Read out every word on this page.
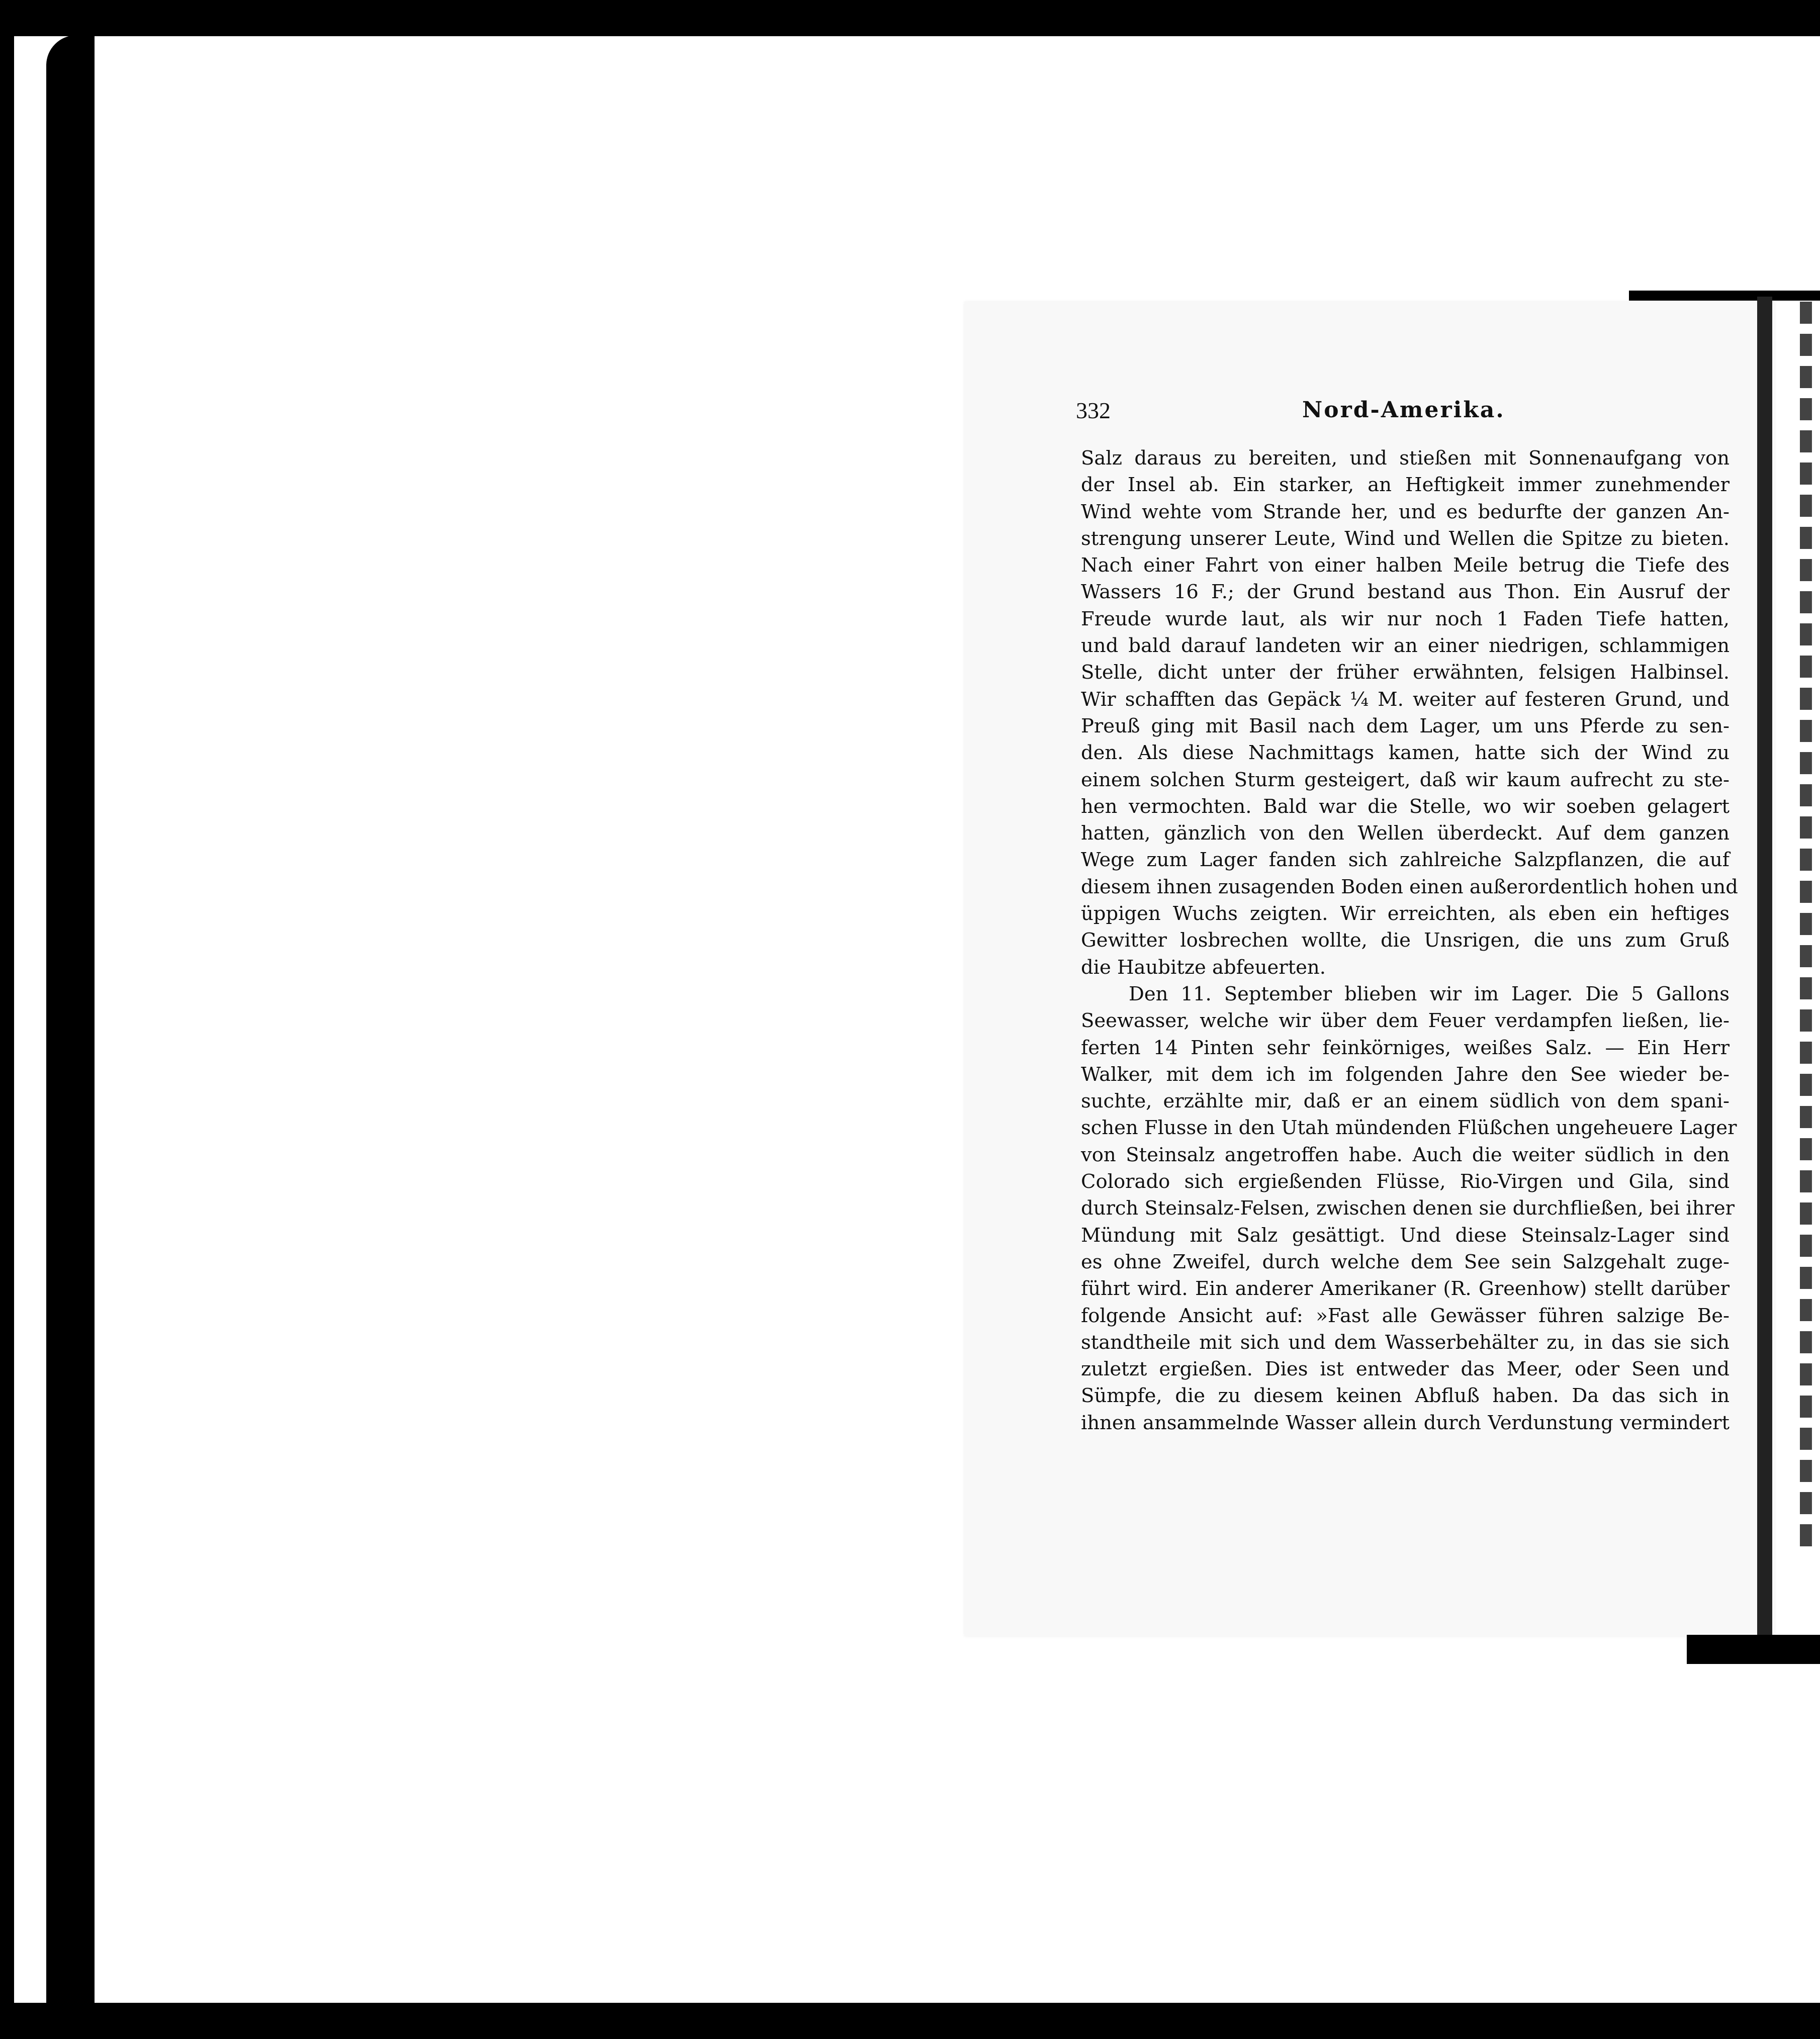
332	Nord-Amerika.
Salz daraus zu bereiten, und stießen mit Sonnenaufgang von
der Insel ab. Ein starker, an Heftigkeit immer zunehmender
Wind wehte vom Strande her, und es bedurfte der ganzen An-
strengung unserer Leute, Wind und Wellen die Spitze zu bieten.
Nach einer Fahrt von einer halben Meile betrug die Tiefe des
Wassers 16 F.; der Grund bestand aus Thon. Ein Ausruf der
Freude wurde laut, als wir nur noch 1 Faden Tiefe hatten,
und bald darauf landeten wir an einer niedrigen, schlammigen
Stelle, dicht unter der früher erwähnten, felsigen Halbinsel.
Wir schafften das Gepäck ¼ M. weiter auf festeren Grund, und
Preuß ging mit Basil nach dem Lager, um uns Pferde zu sen-
den. Als diese Nachmittags kamen, hatte sich der Wind zu
einem solchen Sturm gesteigert, daß wir kaum aufrecht zu ste-
hen vermochten. Bald war die Stelle, wo wir soeben gelagert
hatten, gänzlich von den Wellen überdeckt. Auf dem ganzen
Wege zum Lager fanden sich zahlreiche Salzpflanzen, die auf
diesem ihnen zusagenden Boden einen außerordentlich hohen und
üppigen Wuchs zeigten. Wir erreichten, als eben ein heftiges
Gewitter losbrechen wollte, die Unsrigen, die uns zum Gruß
die Haubitze abfeuerten.
Den 11. September blieben wir im Lager. Die 5 Gallons
Seewasser, welche wir über dem Feuer verdampfen ließen, lie-
ferten 14 Pinten sehr feinkörniges, weißes Salz. — Ein Herr
Walker, mit dem ich im folgenden Jahre den See wieder be-
suchte, erzählte mir, daß er an einem südlich von dem spani-
schen Flusse in den Utah mündenden Flüßchen ungeheuere Lager
von Steinsalz angetroffen habe. Auch die weiter südlich in den
Colorado sich ergießenden Flüsse, Rio-Virgen und Gila, sind
durch Steinsalz-Felsen, zwischen denen sie durchfließen, bei ihrer
Mündung mit Salz gesättigt. Und diese Steinsalz-Lager sind
es ohne Zweifel, durch welche dem See sein Salzgehalt zuge-
führt wird. Ein anderer Amerikaner (R. Greenhow) stellt darüber
folgende Ansicht auf: »Fast alle Gewässer führen salzige Be-
standtheile mit sich und dem Wasserbehälter zu, in das sie sich
zuletzt ergießen. Dies ist entweder das Meer, oder Seen und
Sümpfe, die zu diesem keinen Abfluß haben. Da das sich in
ihnen ansammelnde Wasser allein durch Verdunstung vermindert
